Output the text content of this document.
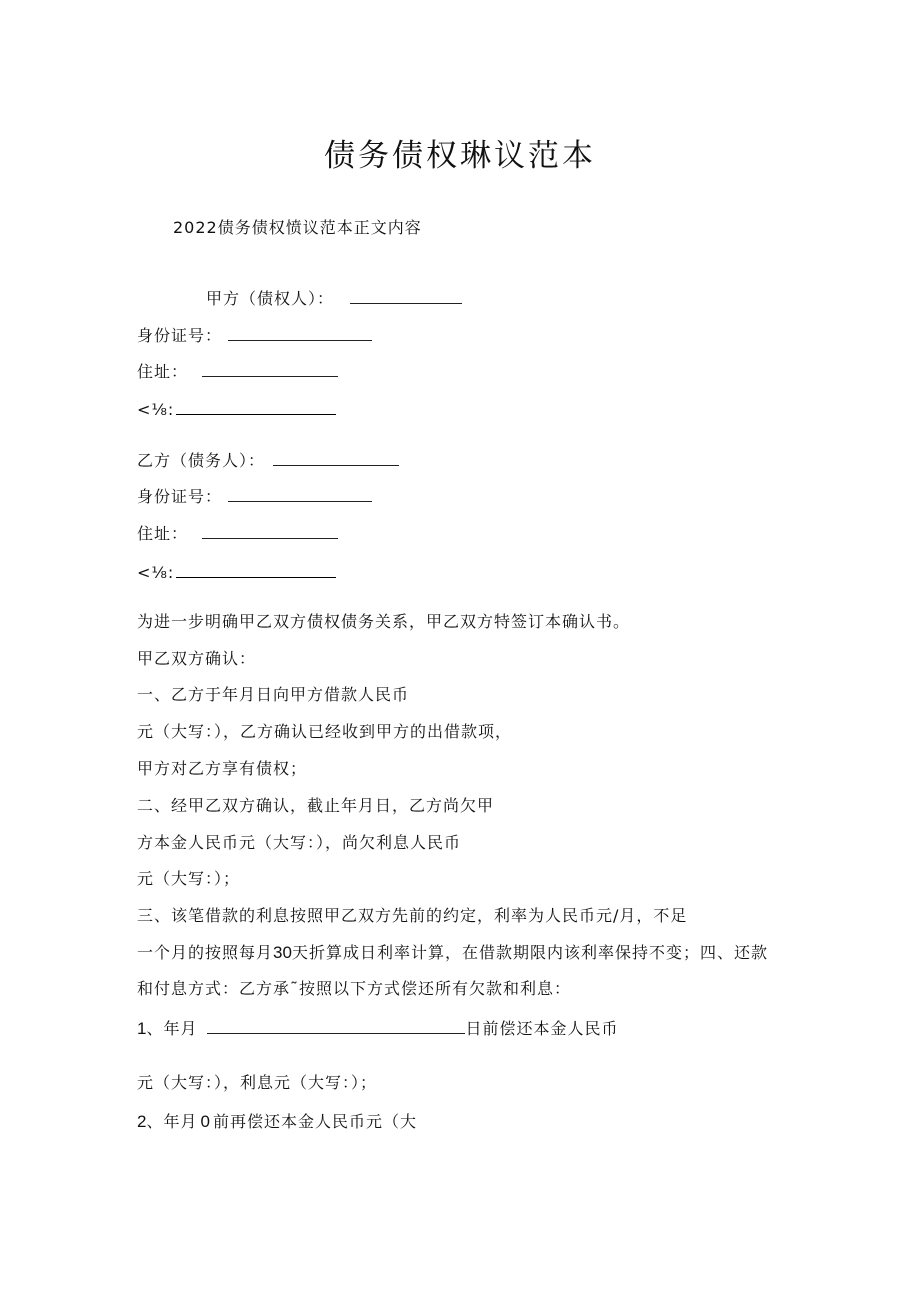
债务债权琳议范本
2022债务债权愤议范本正文内容
甲方（债权人）：
身份证号：
住址：
<⅛:
乙方（债务人）：
身份证号：
住址：
<⅛:
为进一步明确甲乙双方债权债务关系，甲乙双方特签订本确认书。
甲乙双方确认：
一、乙方于年月日向甲方借款人民币
元（大写：），乙方确认已经收到甲方的出借款项，
甲方对乙方享有债权；
二、经甲乙双方确认，截止年月日，乙方尚欠甲
方本金人民币元（大写：），尚欠利息人民币
元（大写：）；
三、该笔借款的利息按照甲乙双方先前的约定，利率为人民币元/月，不足
一个月的按照每月30天折算成日利率计算，在借款期限内该利率保持不变；四、还款
和付息方式：乙方承˜按照以下方式偿还所有欠款和利息：
1、年月	日前偿还本金人民币
元（大写：），利息元（大写：）；
2、年月 0 前再偿还本金人民币元（大
